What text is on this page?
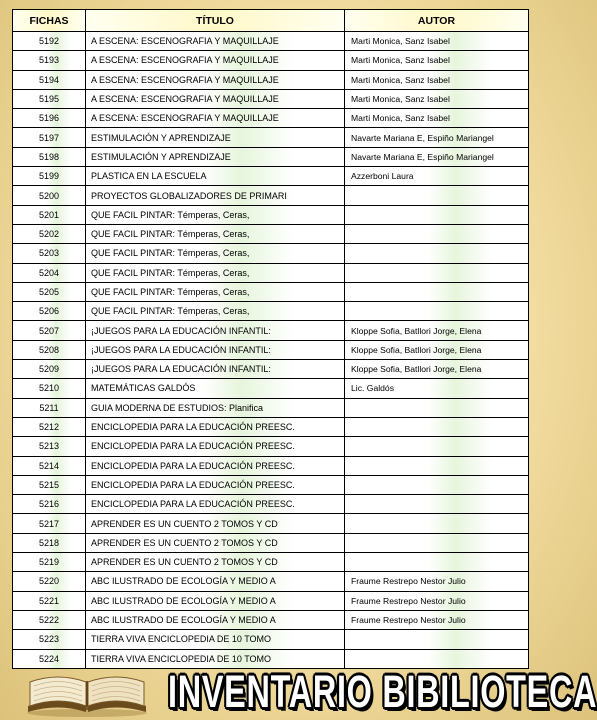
FICHAS	TÍTULO	AUTOR
5192	A ESCENA: ESCENOGRAFIA Y MAQUILLAJE	Marti Monica, Sanz Isabel
5193	A ESCENA: ESCENOGRAFIA Y MAQUILLAJE	Marti Monica, Sanz Isabel
5194	A ESCENA: ESCENOGRAFIA Y MAQUILLAJE	Marti Monica, Sanz Isabel
5195	A ESCENA: ESCENOGRAFIA Y MAQUILLAJE	Marti Monica, Sanz Isabel
5196	A ESCENA: ESCENOGRAFIA Y MAQUILLAJE	Marti Monica, Sanz Isabel
5197	ESTIMULACIÓN Y APRENDIZAJE	Navarte Mariana E, Espiño Mariangel
5198	ESTIMULACIÓN Y APRENDIZAJE	Navarte Mariana E, Espiño Mariangel
5199	PLASTICA EN LA ESCUELA	Azzerboni Laura
5200	PROYECTOS GLOBALIZADORES DE PRIMARI	
5201	QUE FACIL PINTAR: Témperas, Ceras,	
5202	QUE FACIL PINTAR: Témperas, Ceras,	
5203	QUE FACIL PINTAR: Témperas, Ceras,	
5204	QUE FACIL PINTAR: Témperas, Ceras,	
5205	QUE FACIL PINTAR: Témperas, Ceras,	
5206	QUE FACIL PINTAR: Témperas, Ceras,	
5207	¡JUEGOS PARA LA EDUCACIÓN INFANTIL:	Kloppe Sofia, Batllori Jorge, Elena
5208	¡JUEGOS PARA LA EDUCACIÓN INFANTIL:	Kloppe Sofia, Batllori Jorge, Elena
5209	¡JUEGOS PARA LA EDUCACIÓN INFANTIL:	Kloppe Sofia, Batllori Jorge, Elena
5210	MATEMÁTICAS GALDÓS	Lic. Galdós
5211	GUIA MODERNA DE ESTUDIOS: Planifica	
5212	ENCICLOPEDIA PARA LA EDUCACIÓN PREESC.	
5213	ENCICLOPEDIA PARA LA EDUCACIÓN PREESC.	
5214	ENCICLOPEDIA PARA LA EDUCACIÓN PREESC.	
5215	ENCICLOPEDIA PARA LA EDUCACIÓN PREESC.	
5216	ENCICLOPEDIA PARA LA EDUCACIÓN PREESC.	
5217	APRENDER ES UN CUENTO 2 TOMOS Y CD	
5218	APRENDER ES UN CUENTO 2 TOMOS Y CD	
5219	APRENDER ES UN CUENTO 2 TOMOS Y CD	
5220	ABC ILUSTRADO DE ECOLOGÍA Y MEDIO A	Fraume Restrepo Nestor Julio
5221	ABC ILUSTRADO DE ECOLOGÍA Y MEDIO A	Fraume Restrepo Nestor Julio
5222	ABC ILUSTRADO DE ECOLOGÍA Y MEDIO A	Fraume Restrepo Nestor Julio
5223	TIERRA VIVA ENCICLOPEDIA DE 10 TOMO	
5224	TIERRA VIVA ENCICLOPEDIA DE 10 TOMO	
INVENTARIO BIBILIOTECA
